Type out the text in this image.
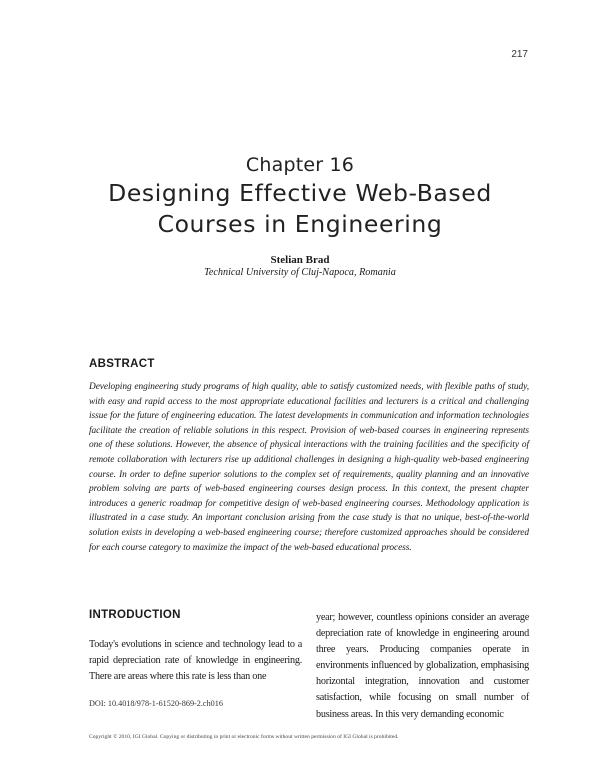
217
Chapter 16
Designing Effective Web-Based Courses in Engineering
Stelian Brad
Technical University of Cluj-Napoca, Romania
ABSTRACT

Developing engineering study programs of high quality, able to satisfy customized needs, with flexible paths of study, with easy and rapid access to the most appropriate educational facilities and lecturers is a critical and challenging issue for the future of engineering education. The latest developments in communication and information technologies facilitate the creation of reliable solutions in this respect. Provision of web-based courses in engineering represents one of these solutions. However, the absence of physical interactions with the training facilities and the specificity of remote collaboration with lecturers rise up additional challenges in designing a high-quality web-based engineering course. In order to define superior solutions to the complex set of requirements, quality planning and an innovative problem solving are parts of web-based engineering courses design process. In this context, the present chapter introduces a generic roadmap for competitive design of web-based engineering courses. Methodology application is illustrated in a case study. An important conclusion arising from the case study is that no unique, best-of-the-world solution exists in developing a web-based engineering course; therefore customized approaches should be considered for each course category to maximize the impact of the web-based educational process.

INTRODUCTION

Today's evolutions in science and technology lead to a rapid depreciation rate of knowledge in engineering. There are areas where this rate is less than one

year; however, countless opinions consider an average depreciation rate of knowledge in engineering around three years. Producing companies operate in environments influenced by globalization, emphasising horizontal integration, innovation and customer satisfaction, while focusing on small number of business areas. In this very demanding economic

DOI: 10.4018/978-1-61520-869-2.ch016
Copyright © 2010, IGI Global. Copying or distributing in print or electronic forms without written permission of IGI Global is prohibited.
